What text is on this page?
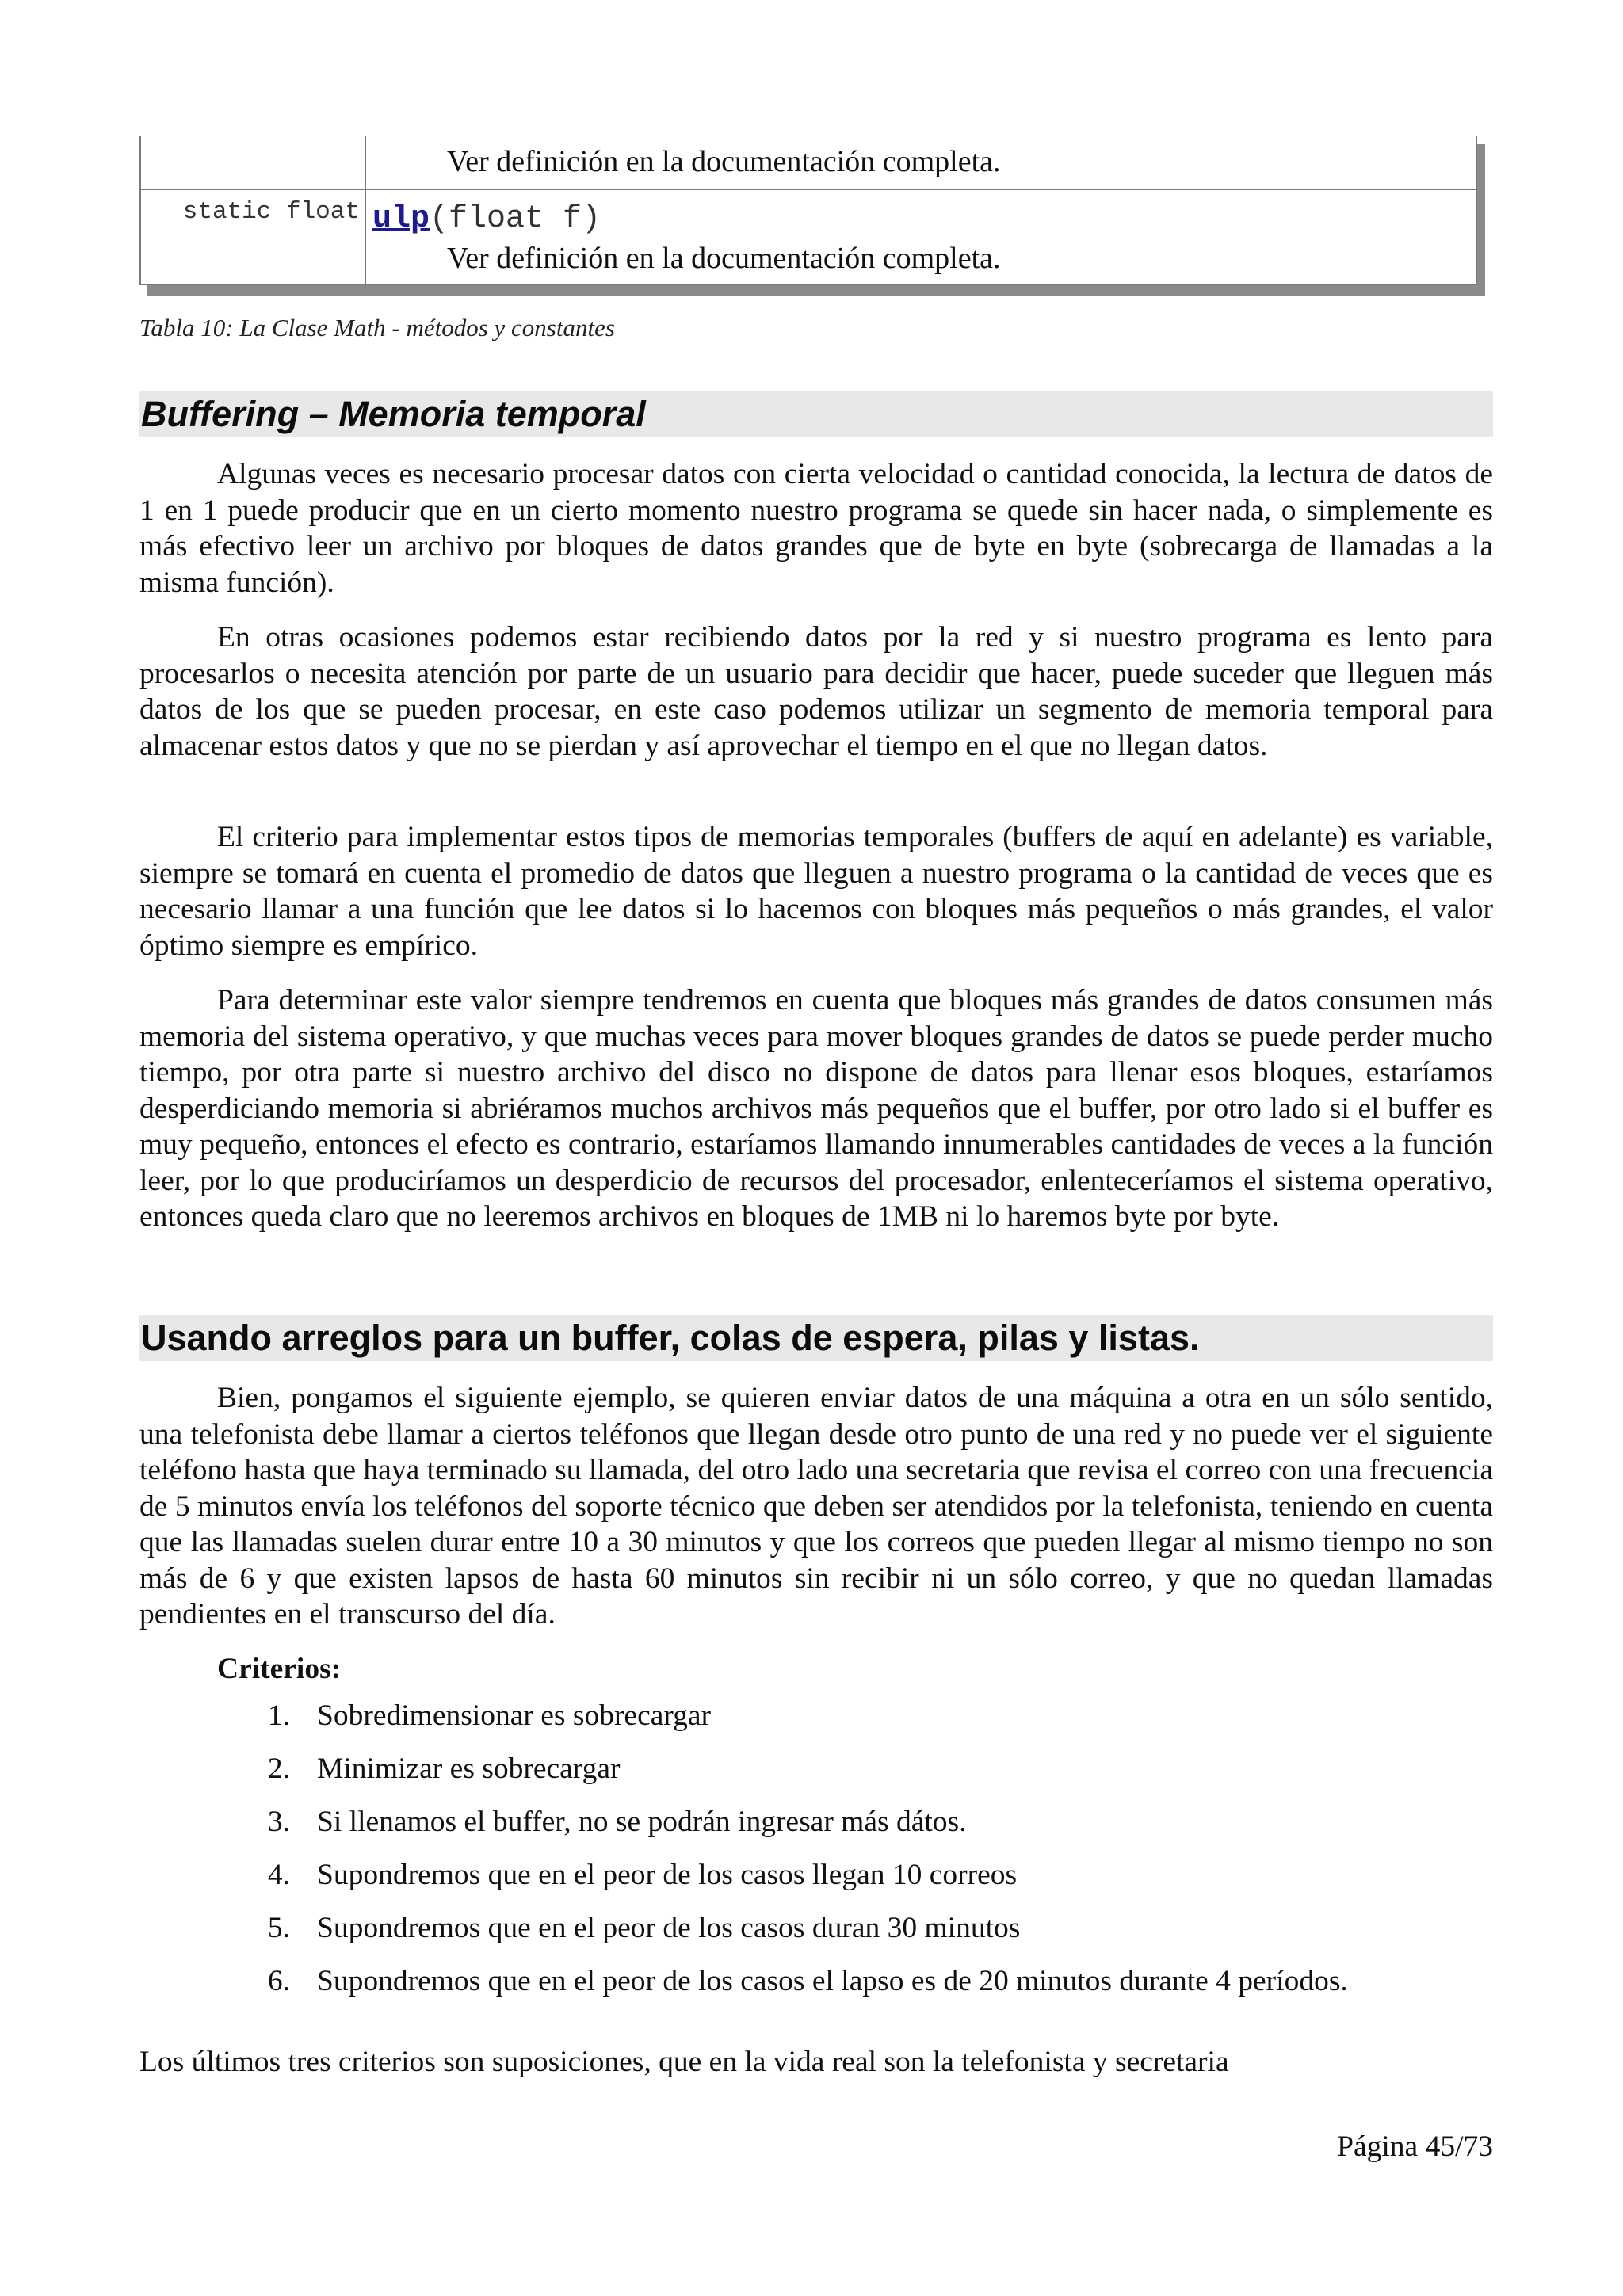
Ver definición en la documentación completa.
static float ulp(float f)
Ver definición en la documentación completa.
Tabla 10: La Clase Math - métodos y constantes
Buffering – Memoria temporal
Algunas veces es necesario procesar datos con cierta velocidad o cantidad conocida, la lectura de datos de 1 en 1 puede producir que en un cierto momento nuestro programa se quede sin hacer nada, o simplemente es más efectivo leer un archivo por bloques de datos grandes que de byte en byte (sobrecarga de llamadas a la misma función).
En otras ocasiones podemos estar recibiendo datos por la red y si nuestro programa es lento para procesarlos o necesita atención por parte de un usuario para decidir que hacer, puede suceder que lleguen más datos de los que se pueden procesar, en este caso podemos utilizar un segmento de memoria temporal para almacenar estos datos y que no se pierdan y así aprovechar el tiempo en el que no llegan datos.
El criterio para implementar estos tipos de memorias temporales (buffers de aquí en adelante) es variable, siempre se tomará en cuenta el promedio de datos que lleguen a nuestro programa o la cantidad de veces que es necesario llamar a una función que lee datos si lo hacemos con bloques más pequeños o más grandes, el valor óptimo siempre es empírico.
Para determinar este valor siempre tendremos en cuenta que bloques más grandes de datos consumen más memoria del sistema operativo, y que muchas veces para mover bloques grandes de datos se puede perder mucho tiempo, por otra parte si nuestro archivo del disco no dispone de datos para llenar esos bloques, estaríamos desperdiciando memoria si abriéramos muchos archivos más pequeños que el buffer, por otro lado si el buffer es muy pequeño, entonces el efecto es contrario, estaríamos llamando innumerables cantidades de veces a la función leer, por lo que produciríamos un desperdicio de recursos del procesador, enlenteceríamos el sistema operativo, entonces queda claro que no leeremos archivos en bloques de 1MB ni lo haremos byte por byte.
Usando arreglos para un buffer, colas de espera, pilas y listas.
Bien, pongamos el siguiente ejemplo, se quieren enviar datos de una máquina a otra en un sólo sentido, una telefonista debe llamar a ciertos teléfonos que llegan desde otro punto de una red y no puede ver el siguiente teléfono hasta que haya terminado su llamada, del otro lado una secretaria que revisa el correo con una frecuencia de 5 minutos envía los teléfonos del soporte técnico que deben ser atendidos por la telefonista, teniendo en cuenta que las llamadas suelen durar entre 10 a 30 minutos y que los correos que pueden llegar al mismo tiempo no son más de 6 y que existen lapsos de hasta 60 minutos sin recibir ni un sólo correo, y que no quedan llamadas pendientes en el transcurso del día.
Criterios:
1. Sobredimensionar es sobrecargar
2. Minimizar es sobrecargar
3. Si llenamos el buffer, no se podrán ingresar más dátos.
4. Supondremos que en el peor de los casos llegan 10 correos
5. Supondremos que en el peor de los casos duran 30 minutos
6. Supondremos que en el peor de los casos el lapso es de 20 minutos durante 4 períodos.
Los últimos tres criterios son suposiciones, que en la vida real son la telefonista y secretaria
Página 45/73
